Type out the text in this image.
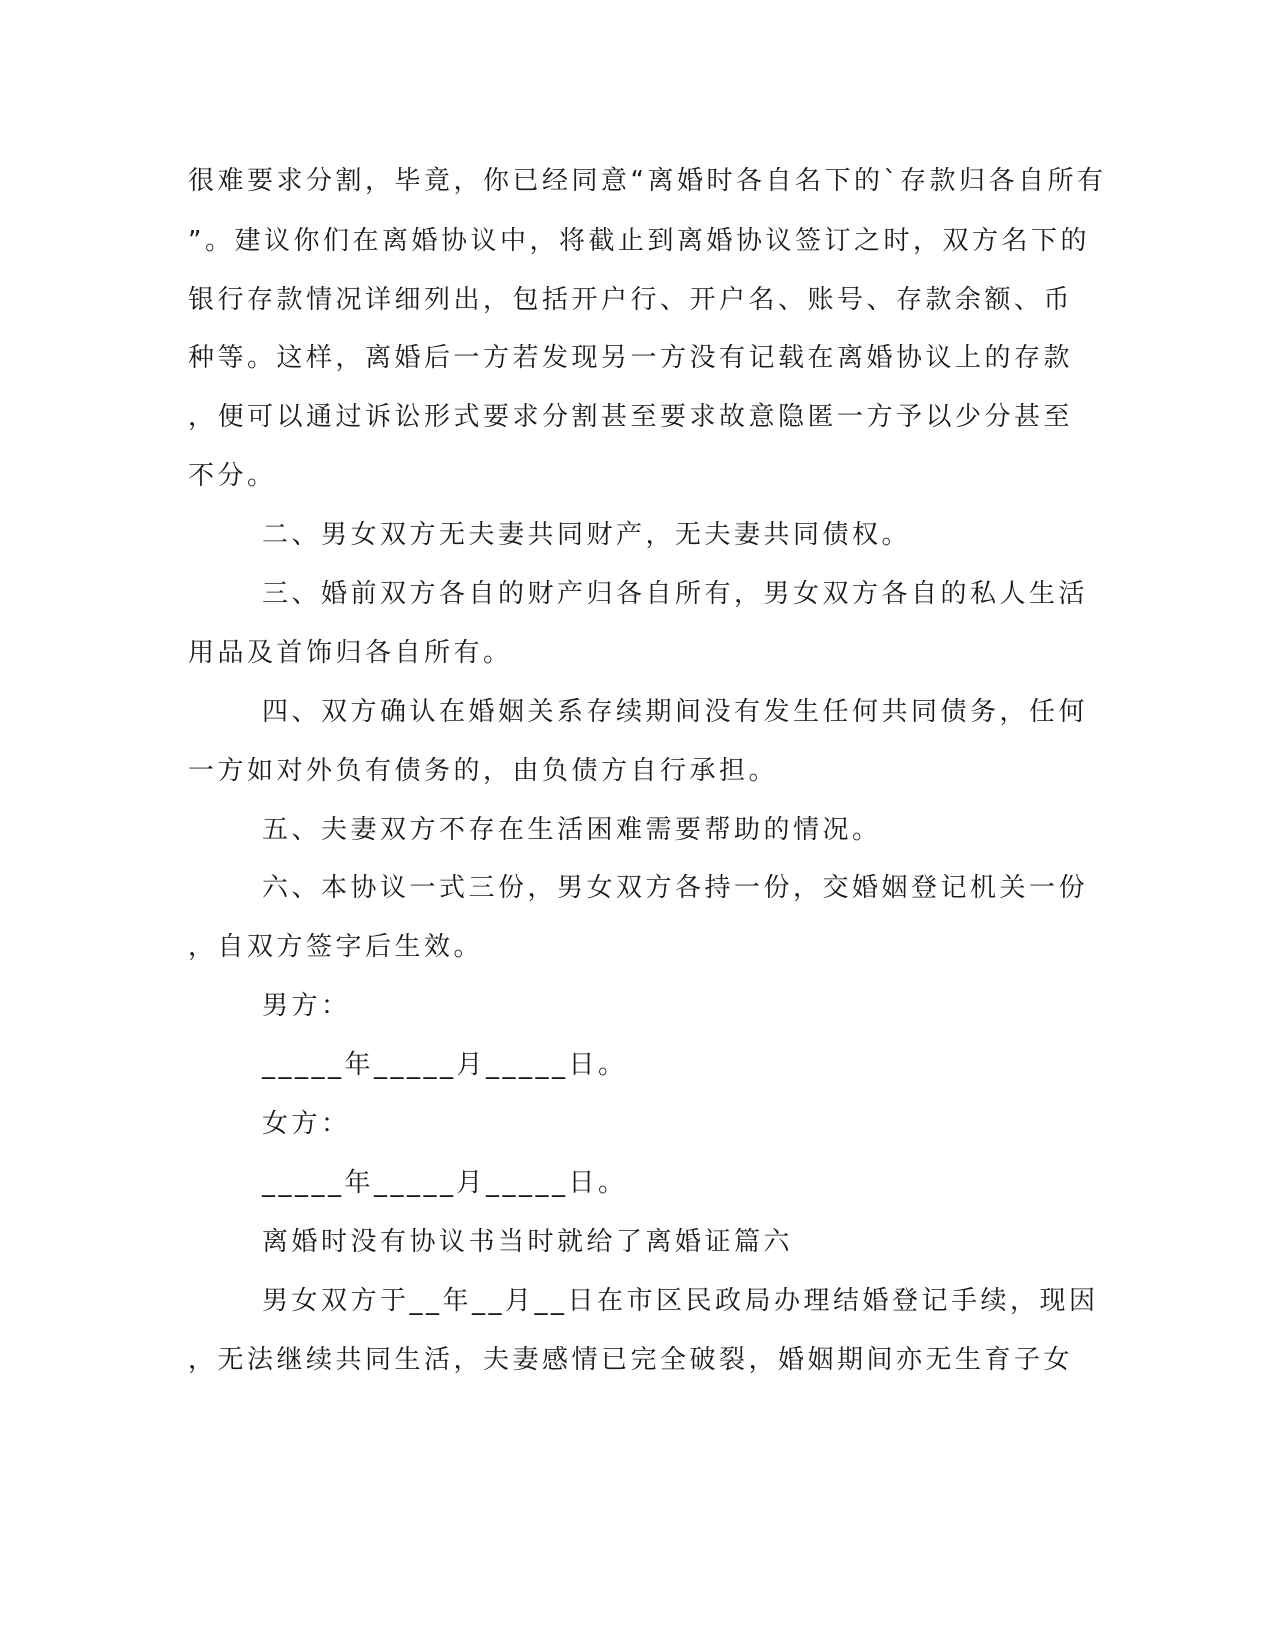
很难要求分割，毕竟，你已经同意“离婚时各自名下的`存款归各自所有
”。建议你们在离婚协议中，将截止到离婚协议签订之时，双方名下的
银行存款情况详细列出，包括开户行、开户名、账号、存款余额、币
种等。这样，离婚后一方若发现另一方没有记载在离婚协议上的存款
，便可以通过诉讼形式要求分割甚至要求故意隐匿一方予以少分甚至
不分。
二、男女双方无夫妻共同财产，无夫妻共同债权。
三、婚前双方各自的财产归各自所有，男女双方各自的私人生活
用品及首饰归各自所有。
四、双方确认在婚姻关系存续期间没有发生任何共同债务，任何
一方如对外负有债务的，由负债方自行承担。
五、夫妻双方不存在生活困难需要帮助的情况。
六、本协议一式三份，男女双方各持一份，交婚姻登记机关一份
，自双方签字后生效。
男方：
_____年_____月_____日。
女方：
_____年_____月_____日。
离婚时没有协议书当时就给了离婚证篇六
男女双方于__年__月__日在市区民政局办理结婚登记手续，现因
，无法继续共同生活，夫妻感情已完全破裂，婚姻期间亦无生育子女
